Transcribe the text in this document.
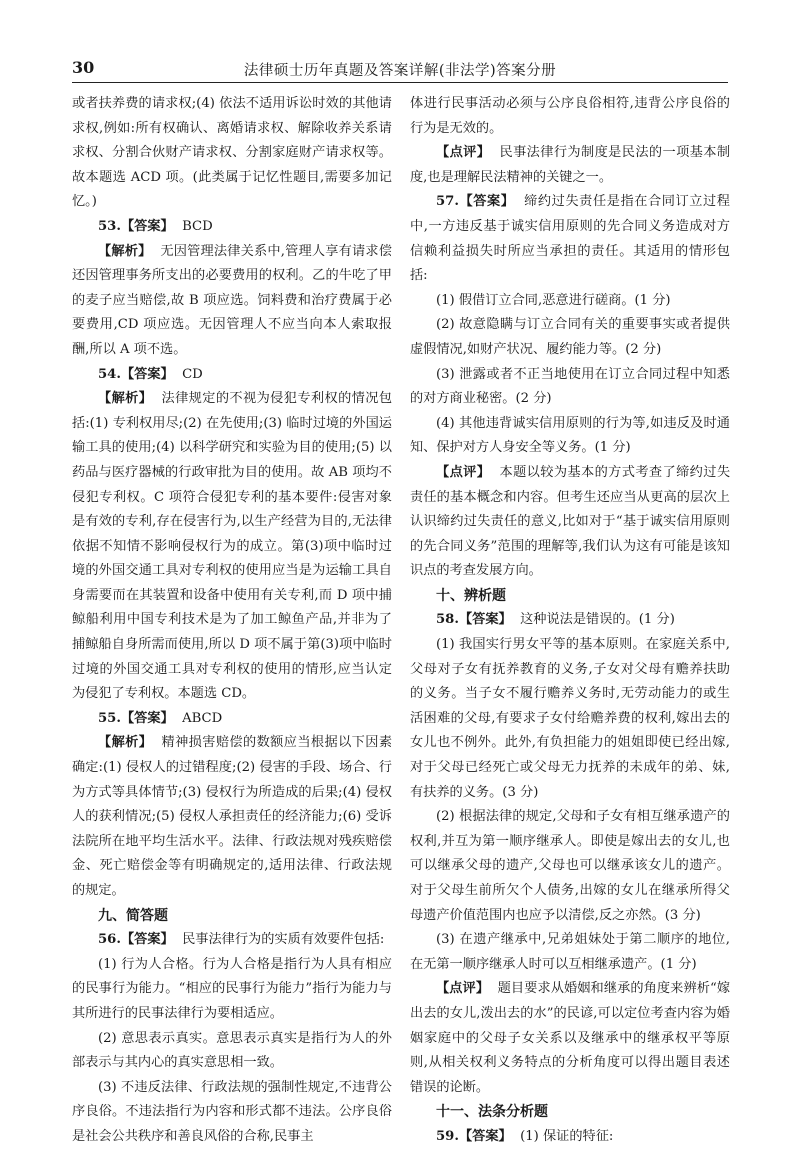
30	法律硕士历年真题及答案详解(非法学)答案分册

或者扶养费的请求权;(4) 依法不适用诉讼时效的其他请求权,例如:所有权确认、离婚请求权、解除收养关系请求权、分割合伙财产请求权、分割家庭财产请求权等。故本题选 ACD 项。(此类属于记忆性题目,需要多加记忆。)

53.【答案】 BCD

【解析】 无因管理法律关系中,管理人享有请求偿还因管理事务所支出的必要费用的权利。乙的牛吃了甲的麦子应当赔偿,故 B 项应选。饲料费和治疗费属于必要费用,CD 项应选。无因管理人不应当向本人索取报酬,所以 A 项不选。

54.【答案】 CD

【解析】 法律规定的不视为侵犯专利权的情况包括:(1) 专利权用尽;(2) 在先使用;(3) 临时过境的外国运输工具的使用;(4) 以科学研究和实验为目的使用;(5) 以药品与医疗器械的行政审批为目的使用。故 AB 项均不侵犯专利权。C 项符合侵犯专利的基本要件:侵害对象是有效的专利,存在侵害行为,以生产经营为目的,无法律依据不知情不影响侵权行为的成立。第(3)项中临时过境的外国交通工具对专利权的使用应当是为运输工具自身需要而在其装置和设备中使用有关专利,而 D 项中捕鲸船利用中国专利技术是为了加工鲸鱼产品,并非为了捕鲸船自身所需而使用,所以 D 项不属于第(3)项中临时过境的外国交通工具对专利权的使用的情形,应当认定为侵犯了专利权。本题选 CD。

55.【答案】 ABCD

【解析】 精神损害赔偿的数额应当根据以下因素确定:(1) 侵权人的过错程度;(2) 侵害的手段、场合、行为方式等具体情节;(3) 侵权行为所造成的后果;(4) 侵权人的获利情况;(5) 侵权人承担责任的经济能力;(6) 受诉法院所在地平均生活水平。法律、行政法规对残疾赔偿金、死亡赔偿金等有明确规定的,适用法律、行政法规的规定。

九、简答题

56.【答案】 民事法律行为的实质有效要件包括:

(1) 行为人合格。行为人合格是指行为人具有相应的民事行为能力。“相应的民事行为能力”指行为能力与其所进行的民事法律行为要相适应。

(2) 意思表示真实。意思表示真实是指行为人的外部表示与其内心的真实意思相一致。

(3) 不违反法律、行政法规的强制性规定,不违背公序良俗。不违法指行为内容和形式都不违法。公序良俗是社会公共秩序和善良风俗的合称,民事主

体进行民事活动必须与公序良俗相符,违背公序良俗的行为是无效的。

【点评】 民事法律行为制度是民法的一项基本制度,也是理解民法精神的关键之一。

57.【答案】 缔约过失责任是指在合同订立过程中,一方违反基于诚实信用原则的先合同义务造成对方信赖利益损失时所应当承担的责任。其适用的情形包括:

(1) 假借订立合同,恶意进行磋商。(1 分)

(2) 故意隐瞒与订立合同有关的重要事实或者提供虚假情况,如财产状况、履约能力等。(2 分)

(3) 泄露或者不正当地使用在订立合同过程中知悉的对方商业秘密。(2 分)

(4) 其他违背诚实信用原则的行为等,如违反及时通知、保护对方人身安全等义务。(1 分)

【点评】 本题以较为基本的方式考查了缔约过失责任的基本概念和内容。但考生还应当从更高的层次上认识缔约过失责任的意义,比如对于“基于诚实信用原则的先合同义务”范围的理解等,我们认为这有可能是该知识点的考查发展方向。

十、辨析题

58.【答案】 这种说法是错误的。(1 分)

(1) 我国实行男女平等的基本原则。在家庭关系中,父母对子女有抚养教育的义务,子女对父母有赡养扶助的义务。当子女不履行赡养义务时,无劳动能力的或生活困难的父母,有要求子女付给赡养费的权利,嫁出去的女儿也不例外。此外,有负担能力的姐姐即使已经出嫁,对于父母已经死亡或父母无力抚养的未成年的弟、妹,有扶养的义务。(3 分)

(2) 根据法律的规定,父母和子女有相互继承遗产的权利,并互为第一顺序继承人。即使是嫁出去的女儿,也可以继承父母的遗产,父母也可以继承该女儿的遗产。对于父母生前所欠个人债务,出嫁的女儿在继承所得父母遗产价值范围内也应予以清偿,反之亦然。(3 分)

(3) 在遗产继承中,兄弟姐妹处于第二顺序的地位,在无第一顺序继承人时可以互相继承遗产。(1 分)

【点评】 题目要求从婚姻和继承的角度来辨析“嫁出去的女儿,泼出去的水”的民谚,可以定位考查内容为婚姻家庭中的父母子女关系以及继承中的继承权平等原则,从相关权利义务特点的分析角度可以得出题目表述错误的论断。

十一、法条分析题

59.【答案】 (1) 保证的特征:
